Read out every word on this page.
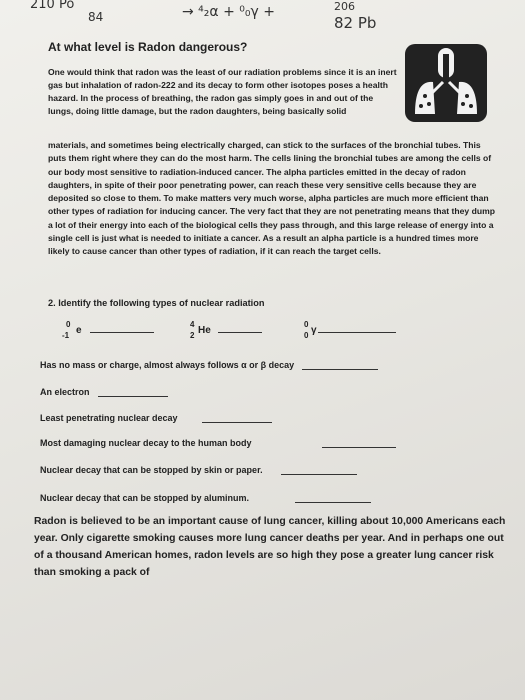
210 Po
84	→ ⁴₂α + ⁰₀γ +	206
82 Pb
At what level is Radon dangerous?
One would think that radon was the least of our radiation problems since it is an inert gas but inhalation of radon-222 and its decay to form other isotopes poses a health hazard. In the process of breathing, the radon gas simply goes in and out of the lungs, doing little damage, but the radon daughters, being basically solid
materials, and sometimes being electrically charged, can stick to the surfaces of the bronchial tubes. This puts them right where they can do the most harm. The cells lining the bronchial tubes are among the cells of our body most sensitive to radiation-induced cancer. The alpha particles emitted in the decay of radon daughters, in spite of their poor penetrating power, can reach these very sensitive cells because they are deposited so close to them. To make matters very much worse, alpha particles are much more efficient than other types of radiation for inducing cancer. The very fact that they are not penetrating means that they dump a lot of their energy into each of the biological cells they pass through, and this large release of energy into a single cell is just what is needed to initiate a cancer. As a result an alpha particle is a hundred times more likely to cause cancer than other types of radiation, if it can reach the target cells.
2. Identify the following types of nuclear radiation
0
-1 e
4
2 He
0
0 γ
Has no mass or charge, almost always follows α or β decay
An electron
Least penetrating nuclear decay
Most damaging nuclear decay to the human body
Nuclear decay that can be stopped by skin or paper.
Nuclear decay that can be stopped by aluminum.
Radon is believed to be an important cause of lung cancer, killing about 10,000 Americans each year. Only cigarette smoking causes more lung cancer deaths per year. And in perhaps one out of a thousand American homes, radon levels are so high they pose a greater lung cancer risk than smoking a pack of
